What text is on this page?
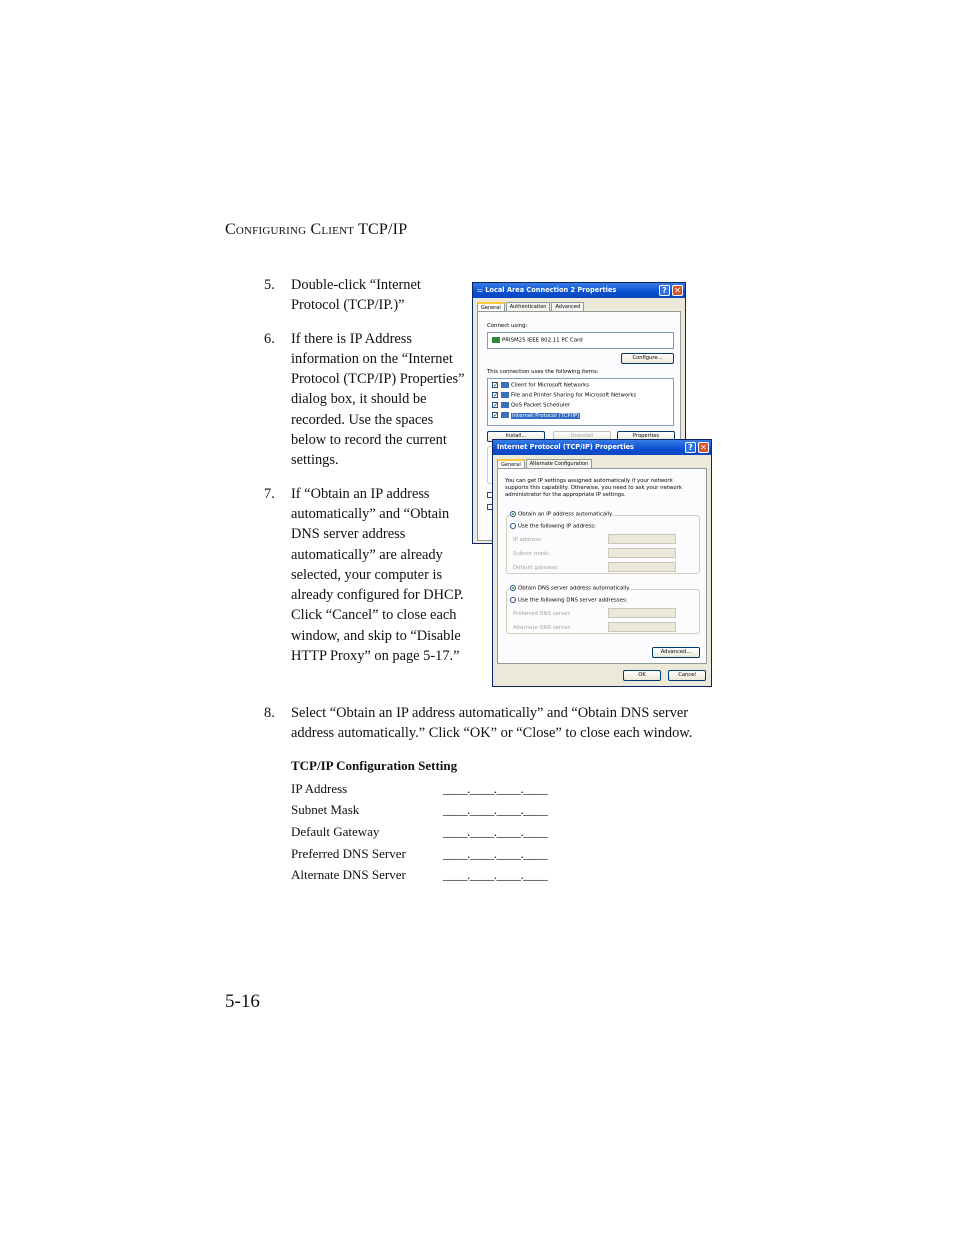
Configuring Client TCP/IP
5.	Double-click “Internet Protocol (TCP/IP.)”
6.	If there is IP Address information on the “Internet Protocol (TCP/IP) Properties” dialog box, it should be recorded. Use the spaces below to record the current settings.
7.	If “Obtain an IP address automatically” and “Obtain DNS server address automatically” are already selected, your computer is already configured for DHCP. Click “Cancel” to close each window, and skip to “Disable HTTP Proxy” on page 5-17.”
⚍ Local Area Connection 2 Properties	? ✕
General	Authentication	Advanced
Connect using:
PRISM25 IEEE 802.11 PC Card
Configure...
This connection uses the following items:
✓ Client for Microsoft Networks
✓ File and Printer Sharing for Microsoft Networks
✓ QoS Packet Scheduler
✓	Internet Protocol (TCP/IP)
Install...	Uninstall	Properties
Internet Protocol (TCP/IP) Properties	? ✕
General	Alternate Configuration
You can get IP settings assigned automatically if your network supports this capability. Otherwise, you need to ask your network administrator for the appropriate IP settings.
Obtain an IP address automatically
Use the following IP address:
IP address:
Subnet mask:
Default gateway:
Obtain DNS server address automatically
Use the following DNS server addresses:
Preferred DNS server:
Alternate DNS server:
Advanced...
OK	Cancel
8.	Select “Obtain an IP address automatically” and “Obtain DNS server address automatically.” Click “OK” or “Close” to close each window.
TCP/IP Configuration Setting
IP Address	____.____.____.____
Subnet Mask	____.____.____.____
Default Gateway	____.____.____.____
Preferred DNS Server	____.____.____.____
Alternate DNS Server	____.____.____.____
5-16
